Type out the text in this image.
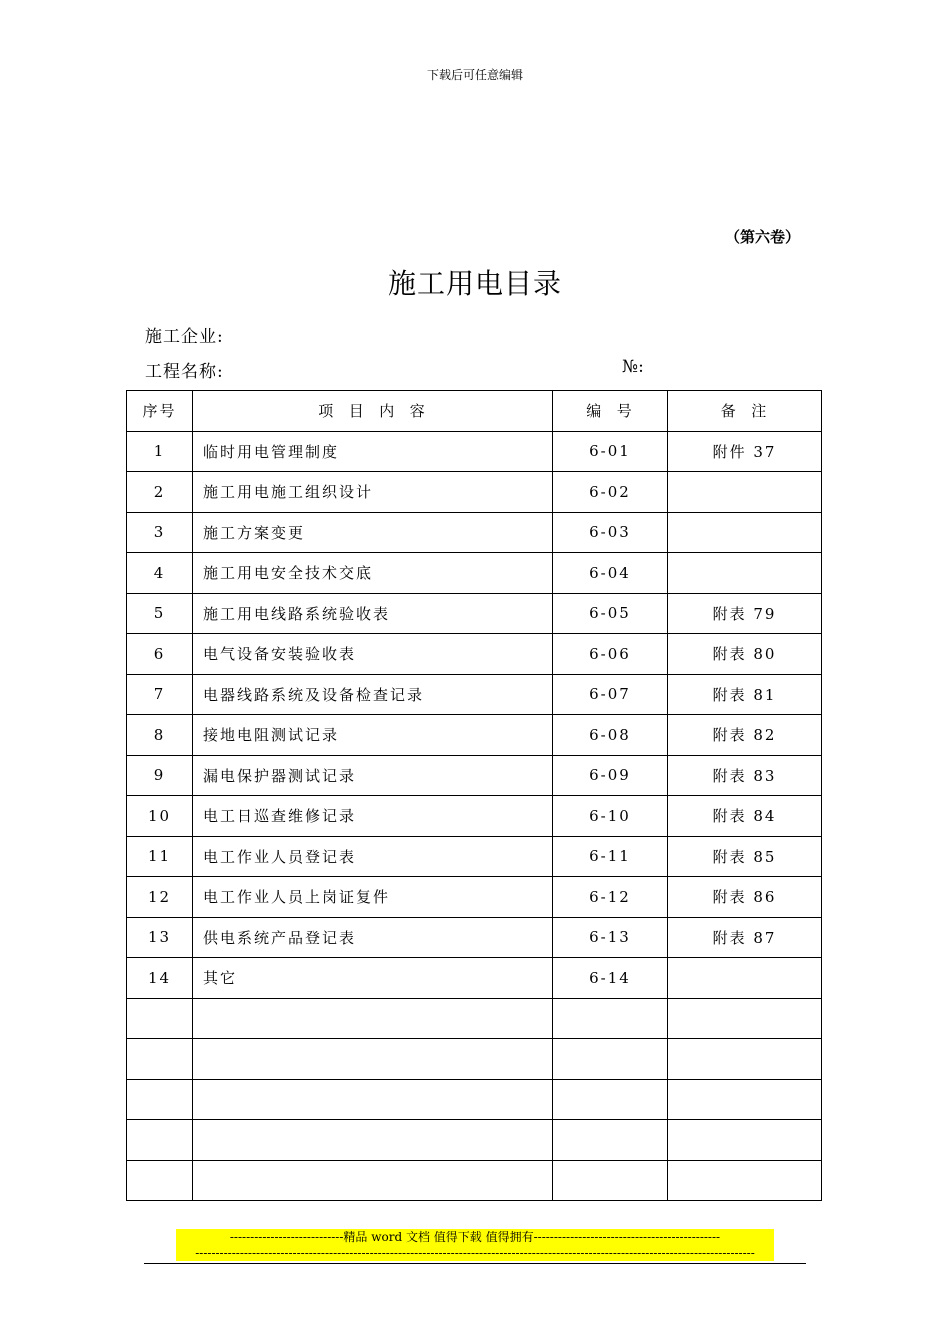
下载后可任意编辑
（第六卷）
施工用电目录
施工企业:
工程名称:	№:
序号	项  目  内  容	编  号	备  注
1	临时用电管理制度	6-01	附件 37
2	施工用电施工组织设计	6-02	
3	施工方案变更	6-03	
4	施工用电安全技术交底	6-04	
5	施工用电线路系统验收表	6-05	附表 79
6	电气设备安装验收表	6-06	附表 80
7	电器线路系统及设备检查记录	6-07	附表 81
8	接地电阻测试记录	6-08	附表 82
9	漏电保护器测试记录	6-09	附表 83
10	电工日巡查维修记录	6-10	附表 84
11	电工作业人员登记表	6-11	附表 85
12	电工作业人员上岗证复件	6-12	附表 86
13	供电系统产品登记表	6-13	附表 87
14	其它	6-14	

----------------------------精品 word 文档 值得下载 值得拥有----------------------------------------------
------------------------------------------------------------------------------------------------------------------------------------------
